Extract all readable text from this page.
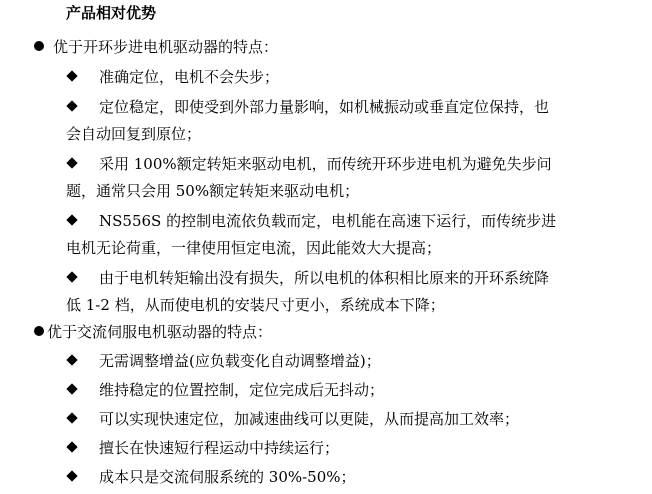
产品相对优势
优于开环步进电机驱动器的特点：
准确定位，电机不会失步；
定位稳定，即使受到外部力量影响，如机械振动或垂直定位保持，也
会自动回复到原位；
采用 100%额定转矩来驱动电机，而传统开环步进电机为避免失步问
题，通常只会用 50%额定转矩来驱动电机；
NS556S 的控制电流依负载而定，电机能在高速下运行，而传统步进
电机无论荷重，一律使用恒定电流，因此能效大大提高；
由于电机转矩输出没有损失，所以电机的体积相比原来的开环系统降
低 1-2 档，从而使电机的安装尺寸更小，系统成本下降；
优于交流伺服电机驱动器的特点：
无需调整增益(应负载变化自动调整增益)；
维持稳定的位置控制，定位完成后无抖动；
可以实现快速定位，加减速曲线可以更陡，从而提高加工效率；
擅长在快速短行程运动中持续运行；
成本只是交流伺服系统的 30%-50%；
